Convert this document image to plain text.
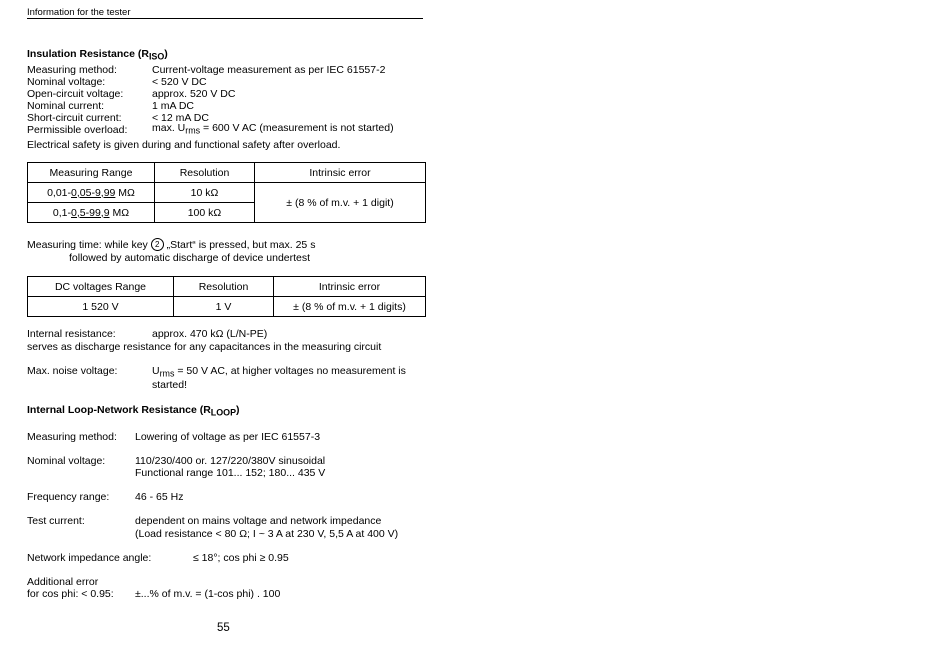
Information for the tester
Insulation Resistance $(R_{ISO})$
Measuring method:	Current-voltage measurement as per IEC 61557-2
Nominal voltage:	< 520 V DC
Open-circuit voltage:	approx. 520 V DC
Nominal current:	1 mA DC
Short-circuit current:	< 12 mA DC
Permissible overload: max. $U_{rms} = 600$ V AC (measurement is not started)
Electrical safety is given during and functional safety after overload.
Measuring Range	Resolution	Intrinsic error
0,01-0,05-9,99 MΩ	10 kΩ	± (8 % of m.v. + 1 digit)
0,1-0,5-99,9 MΩ	100 kΩ	
Measuring time: while key 2 „Start“ is pressed, but max. 25 s
followed by automatic discharge of device undertest
DC voltages Range	Resolution	Intrinsic error
1 520 V	1 V	± (8 % of m.v. + 1 digits)
Internal resistance:	approx. 470 kΩ (L/N-PE)
serves as discharge resistance for any capacitances in the measuring circuit
Max. noise voltage:	$U_{rms} = 50$ V AC, at higher voltages no measurement is
started!
Internal Loop-Network Resistance $(R_{LOOP})$
Measuring method: Lowering of voltage as per IEC 61557-3
Nominal voltage:	110/230/400 or. 127/220/380V sinusoidal
Functional range 101... 152; 180... 435 V
Frequency range: 46 - 65 Hz
Test current:	dependent on mains voltage and network impedance
(Load resistance < 80 Ω; I ~ 3 A at 230 V, 5,5 A at 400 V)
Network impedance angle:	≤ 18°; cos phi ≥ 0.95
Additional error
for cos phi: < 0.95: ±...% of m.v. = (1-cos phi) . 100
55
